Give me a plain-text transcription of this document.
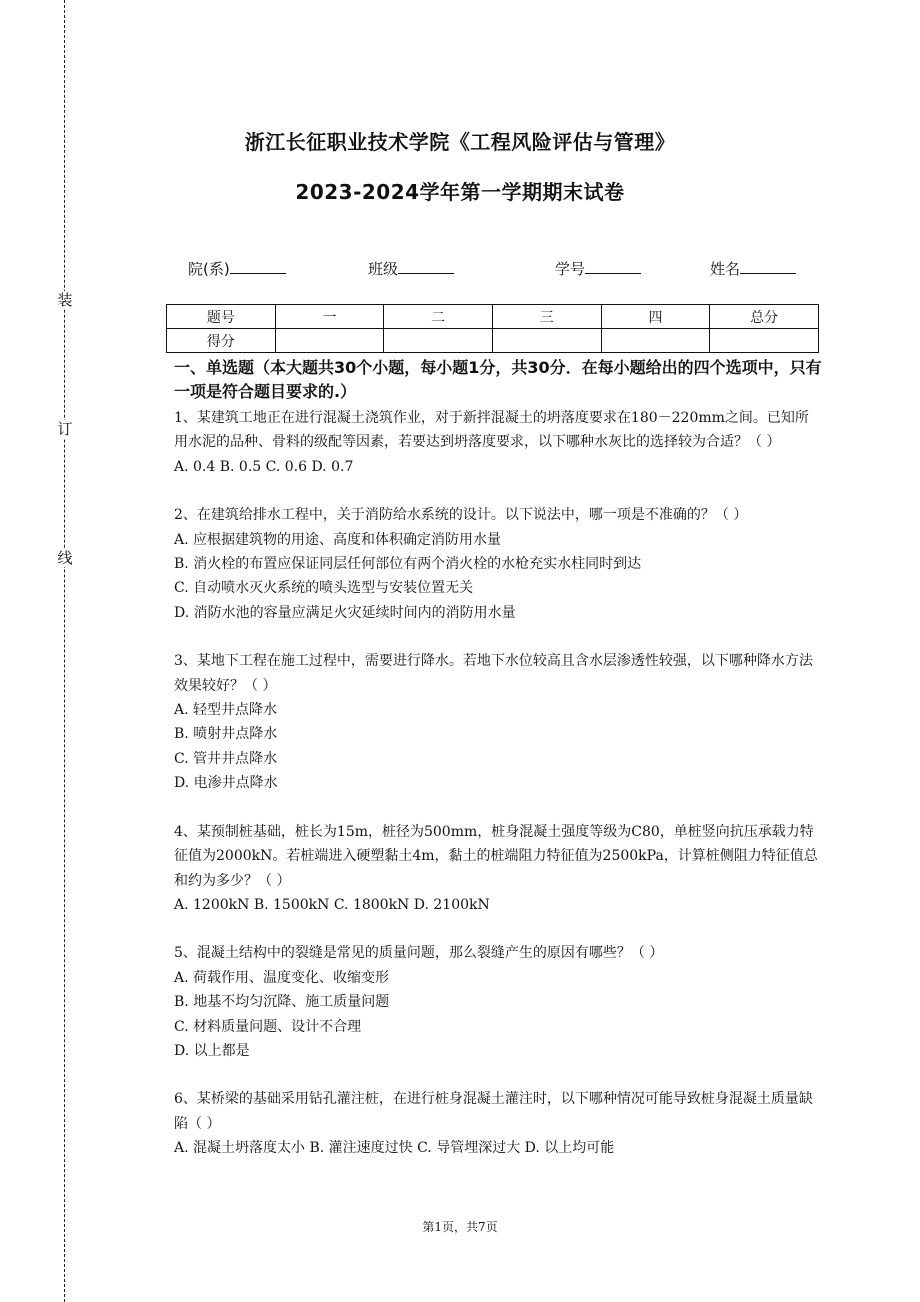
装
订
线
浙江长征职业技术学院《工程风险评估与管理》
2023-2024学年第一学期期末试卷
院(系)	班级	学号	姓名
题号	一	二	三	四	总分
得分					
一、单选题（本大题共30个小题，每小题1分，共30分．在每小题给出的四个选项中，只有一项是符合题目要求的.）

1、某建筑工地正在进行混凝土浇筑作业，对于新拌混凝土的坍落度要求在180－220mm之间。已知所用水泥的品种、骨料的级配等因素，若要达到坍落度要求，以下哪种水灰比的选择较为合适？（ ）

A. 0.4 B. 0.5 C. 0.6 D. 0.7

2、在建筑给排水工程中，关于消防给水系统的设计。以下说法中，哪一项是不准确的？（ ）

A. 应根据建筑物的用途、高度和体积确定消防用水量

B. 消火栓的布置应保证同层任何部位有两个消火栓的水枪充实水柱同时到达

C. 自动喷水灭火系统的喷头选型与安装位置无关

D. 消防水池的容量应满足火灾延续时间内的消防用水量

3、某地下工程在施工过程中，需要进行降水。若地下水位较高且含水层渗透性较强，以下哪种降水方法效果较好？（ ）

A. 轻型井点降水

B. 喷射井点降水

C. 管井井点降水

D. 电渗井点降水

4、某预制桩基础，桩长为15m，桩径为500mm，桩身混凝土强度等级为C80，单桩竖向抗压承载力特征值为2000kN。若桩端进入硬塑黏土4m，黏土的桩端阻力特征值为2500kPa，计算桩侧阻力特征值总和约为多少？（ ）

A. 1200kN B. 1500kN C. 1800kN D. 2100kN

5、混凝土结构中的裂缝是常见的质量问题，那么裂缝产生的原因有哪些？（ ）

A. 荷载作用、温度变化、收缩变形

B. 地基不均匀沉降、施工质量问题

C. 材料质量问题、设计不合理

D. 以上都是

6、某桥梁的基础采用钻孔灌注桩，在进行桩身混凝土灌注时，以下哪种情况可能导致桩身混凝土质量缺陷（ ）

A. 混凝土坍落度太小 B. 灌注速度过快 C. 导管埋深过大 D. 以上均可能

第1页，共7页
